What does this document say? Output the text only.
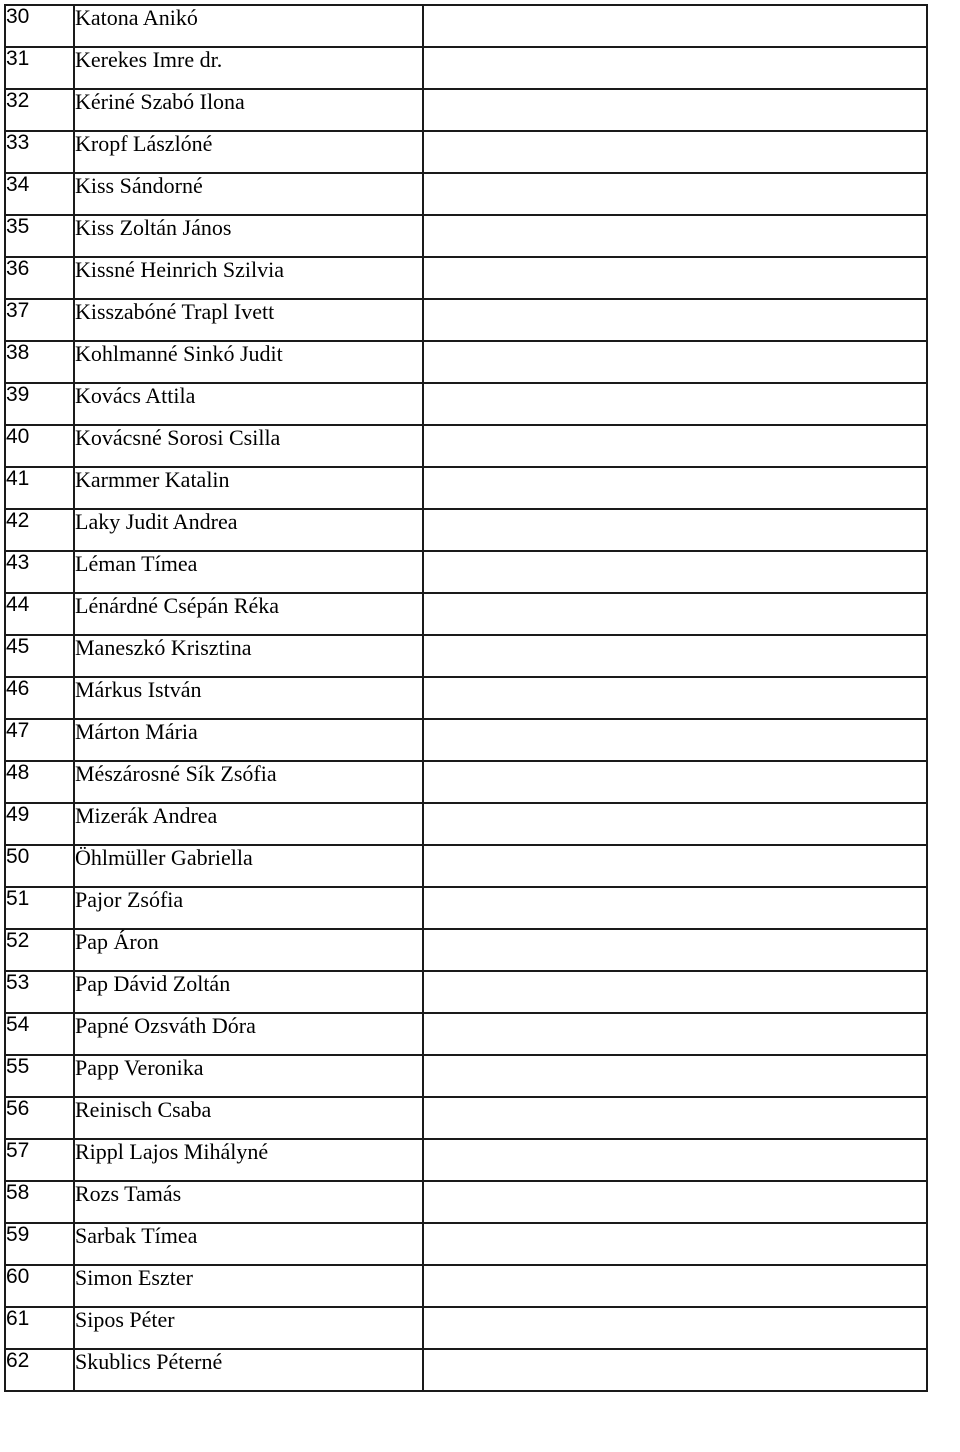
30	Katona Anikó	
31	Kerekes Imre dr.	
32	Kériné Szabó Ilona	
33	Kropf Lászlóné	
34	Kiss Sándorné	
35	Kiss Zoltán János	
36	Kissné Heinrich Szilvia	
37	Kisszabóné Trapl Ivett	
38	Kohlmanné Sinkó Judit	
39	Kovács Attila	
40	Kovácsné Sorosi Csilla	
41	Karmmer Katalin	
42	Laky Judit Andrea	
43	Léman Tímea	
44	Lénárdné Csépán Réka	
45	Maneszkó Krisztina	
46	Márkus István	
47	Márton Mária	
48	Mészárosné Sík Zsófia	
49	Mizerák Andrea	
50	Öhlmüller Gabriella	
51	Pajor Zsófia	
52	Pap Áron	
53	Pap Dávid Zoltán	
54	Papné Ozsváth Dóra	
55	Papp Veronika	
56	Reinisch Csaba	
57	Rippl Lajos Mihályné	
58	Rozs Tamás	
59	Sarbak Tímea	
60	Simon Eszter	
61	Sipos Péter	
62	Skublics Péterné	
